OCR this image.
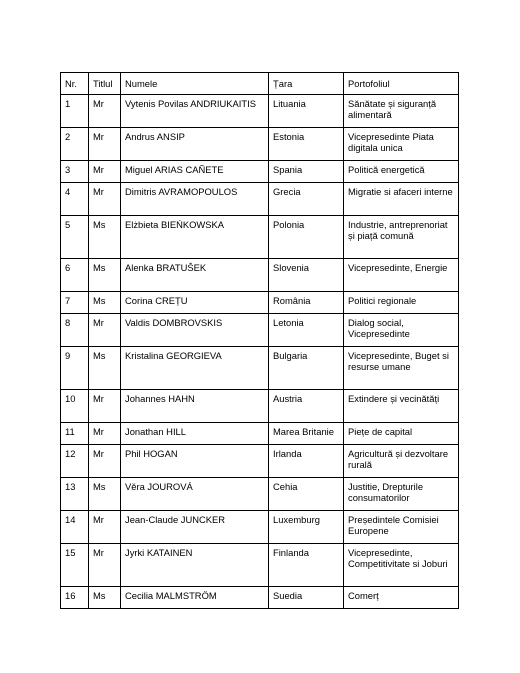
Nr.	Titlul	Numele	Țara	Portofoliul
1	Mr	Vytenis Povilas ANDRIUKAITIS	Lituania	Sănătate și siguranță alimentară
2	Mr	Andrus ANSIP	Estonia	Vicepresedinte Piata digitala unica
3	Mr	Miguel ARIAS CAÑETE	Spania	Politică energetică
4	Mr	Dimitris AVRAMOPOULOS	Grecia	Migratie si afaceri interne
5	Ms	Elżbieta BIEŃKOWSKA	Polonia	Industrie, antreprenoriat și piață comună
6	Ms	Alenka BRATUŠEK	Slovenia	Vicepresedinte, Energie
7	Ms	Corina CREȚU	România	Politici regionale
8	Mr	Valdis DOMBROVSKIS	Letonia	Dialog social, Vicepresedinte
9	Ms	Kristalina GEORGIEVA	Bulgaria	Vicepresedinte, Buget si resurse umane
10	Mr	Johannes HAHN	Austria	Extindere și vecinătăți
11	Mr	Jonathan HILL	Marea Britanie	Piețe de capital
12	Mr	Phil HOGAN	Irlanda	Agricultură și dezvoltare rurală
13	Ms	Věra JOUROVÁ	Cehia	Justitie, Drepturile consumatorilor
14	Mr	Jean-Claude JUNCKER	Luxemburg	Președintele Comisiei Europene
15	Mr	Jyrki KATAINEN	Finlanda	Vicepresedinte, Competitivitate si Joburi
16	Ms	Cecilia MALMSTRÖM	Suedia	Comerț
